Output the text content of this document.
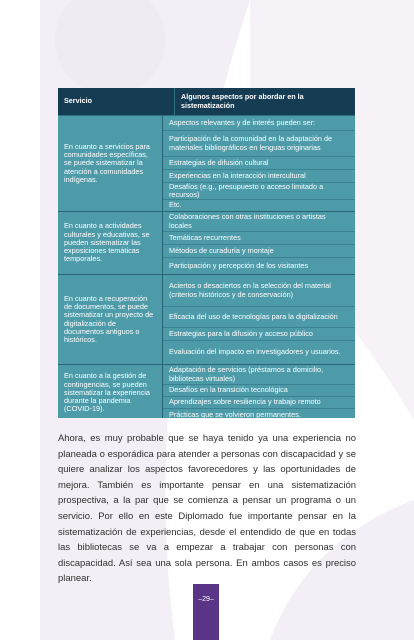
Servicio	Algunos aspectos por abordar en la sistematización
En cuanto a servicios para comunidades específicas, se puede sistematizar la atención a comunidades indígenas.
Aspectos relevantes y de interés pueden ser:
Participación de la comunidad en la adaptación de materiales bibliográficos en lenguas originarias
Estrategias de difusión cultural
Experiencias en la interacción intercultural
Desafíos (e.g., presupuesto o acceso limitado a recursos)
Etc.
En cuanto a actividades culturales y educativas, se pueden sistematizar las exposiciones temáticas temporales.
Colaboraciones con otras instituciones o artistas locales
Temáticas recurrentes
Métodos de curaduría y montaje
Participación y percepción de los visitantes
En cuanto a recuperación de documentos, se puede sistematizar un proyecto de digitalización de documentos antiguos o históricos.
Aciertos o desaciertos en la selección del material (criterios históricos y de conservación)
Eficacia del uso de tecnologías para la digitalización
Estrategias para la difusión y acceso público
Evaluación del impacto en investigadores y usuarios.
En cuanto a la gestión de contingencias, se pueden sistematizar la experiencia durante la pandemia (COVID-19).
Adaptación de servicios (préstamos a domicilio, bibliotecas virtuales)
Desafíos en la transición tecnológica
Aprendizajes sobre resiliencia y trabajo remoto
Prácticas que se volvieron permanentes.

Ahora, es muy probable que se haya tenido ya una experiencia no planeada o esporádica para atender a personas con discapacidad y se quiere analizar los aspectos favorecedores y las oportunidades de mejora. También es importante pensar en una sistematización prospectiva, a la par que se comienza a pensar un programa o un servicio. Por ello en este Diplomado fue importante pensar en la sistematización de experiencias, desde el entendido de que en todas las bibliotecas se va a empezar a trabajar con personas con discapacidad. Así sea una sola persona. En ambos casos es preciso planear.

–29–
